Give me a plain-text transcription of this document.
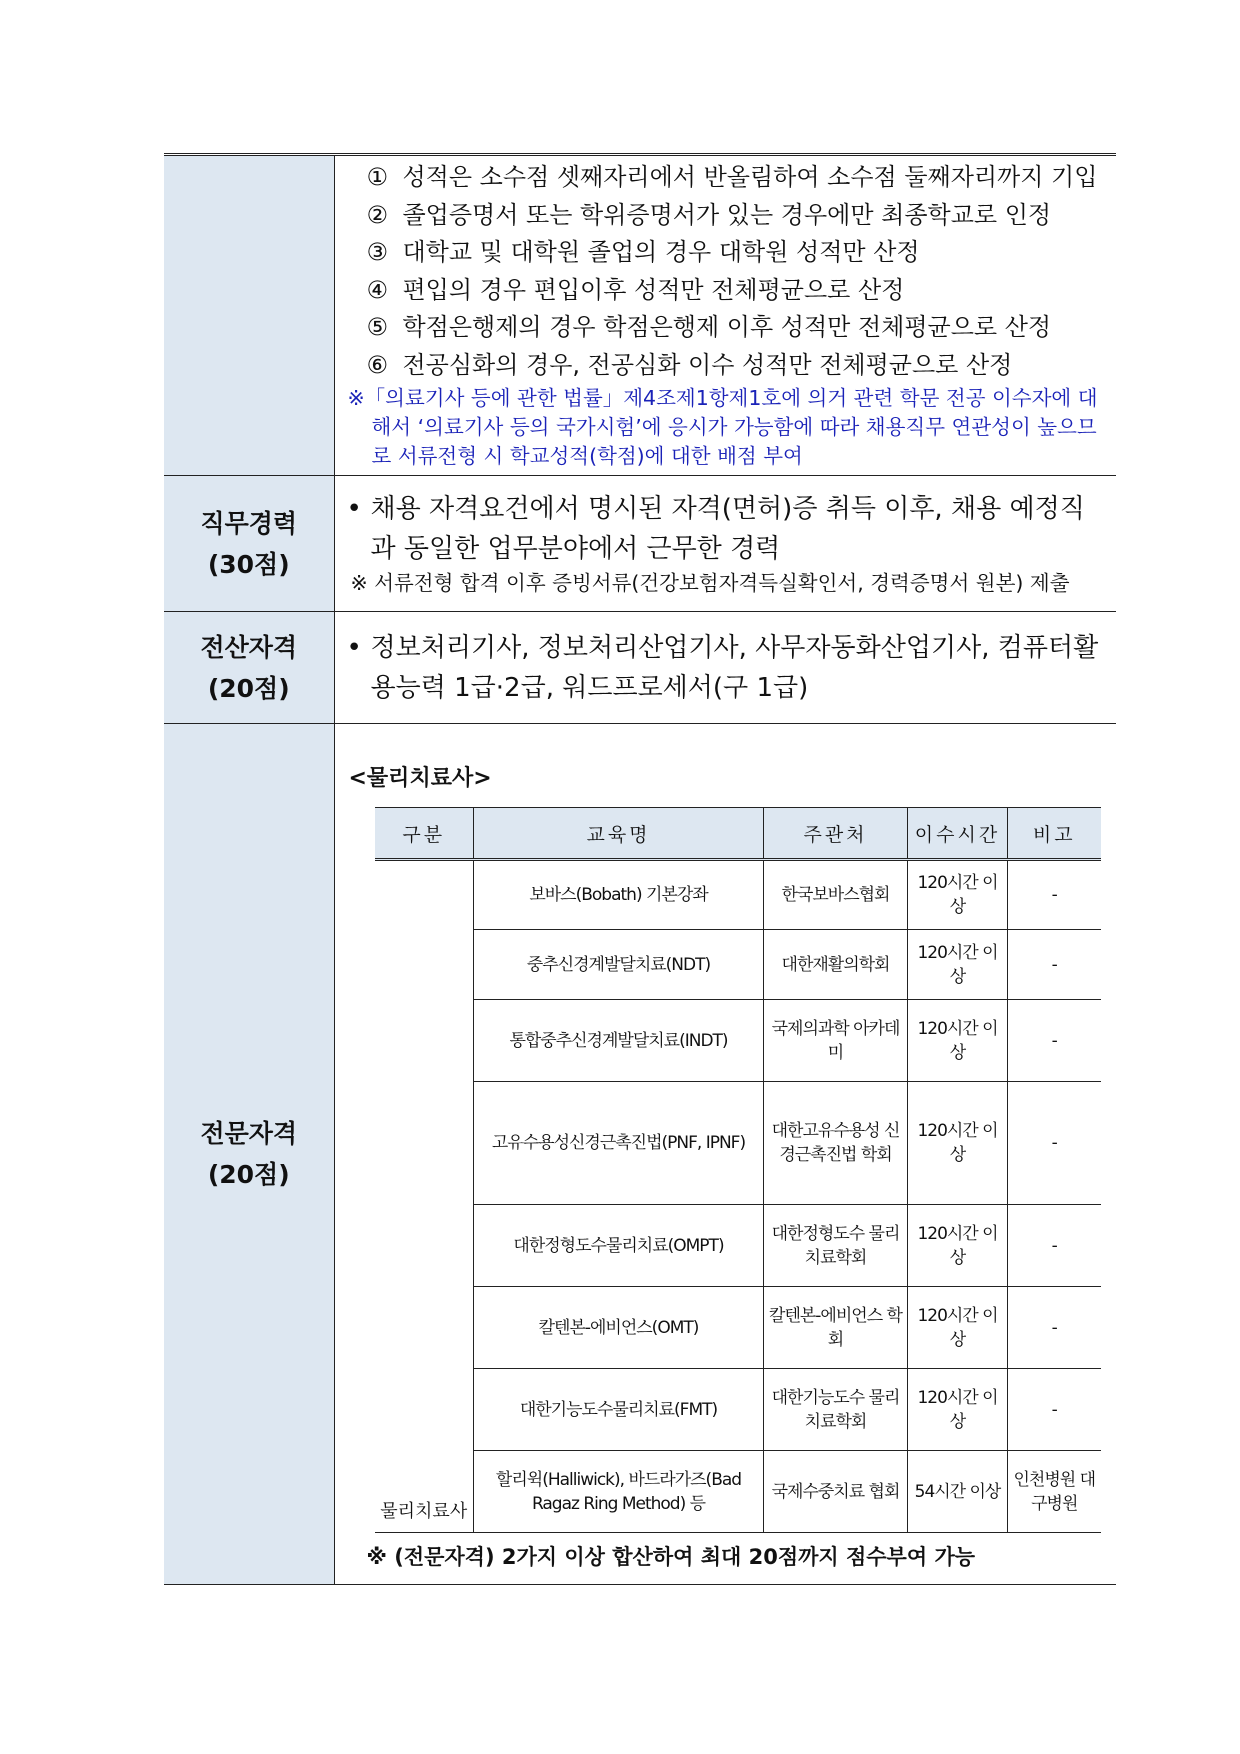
① 성적은 소수점 셋째자리에서 반올림하여 소수점 둘째자리까지 기입
② 졸업증명서 또는 학위증명서가 있는 경우에만 최종학교로 인정
③ 대학교 및 대학원 졸업의 경우 대학원 성적만 산정
④ 편입의 경우 편입이후 성적만 전체평균으로 산정
⑤ 학점은행제의 경우 학점은행제 이후 성적만 전체평균으로 산정
⑥ 전공심화의 경우, 전공심화 이수 성적만 전체평균으로 산정
※「의료기사 등에 관한 법률」제4조제1항제1호에 의거 관련 학문 전공 이수자에 대해서 ‘의료기사 등의 국가시험’에 응시가 가능함에 따라 채용직무 연관성이 높으므로 서류전형 시 학교성적(학점)에 대한 배점 부여

직무경력
(30점)

• 채용 자격요건에서 명시된 자격(면허)증 취득 이후, 채용 예정직과 동일한 업무분야에서 근무한 경력
※ 서류전형 합격 이후 증빙서류(건강보험자격득실확인서, 경력증명서 원본) 제출

전산자격
(20점)

• 정보처리기사, 정보처리산업기사, 사무자동화산업기사, 컴퓨터활용능력 1급·2급, 워드프로세서(구 1급)

전문자격
(20점)

<물리치료사>
구분	교육명	주관처	이수시간	비고
물리치료사	보바스(Bobath) 기본강좌	한국보바스협회	120시간 이상	-
중추신경계발달치료(NDT)	대한재활의학회	120시간 이상	-
통합중추신경계발달치료(INDT)	국제의과학 아카데미	120시간 이상	-
고유수용성신경근촉진법(PNF, IPNF)	대한고유수용성 신경근촉진법 학회	120시간 이상	-
대한정형도수물리치료(OMPT)	대한정형도수 물리치료학회	120시간 이상	-
칼텐본-에비언스(OMT)	칼텐본-에비언스 학회	120시간 이상	-
대한기능도수물리치료(FMT)	대한기능도수 물리치료학회	120시간 이상	-
할리윅(Halliwick), 바드라가즈(Bad Ragaz Ring Method) 등	국제수중치료 협회	54시간 이상	인천병원 대구병원
※ (전문자격) 2가지 이상 합산하여 최대 20점까지 점수부여 가능
